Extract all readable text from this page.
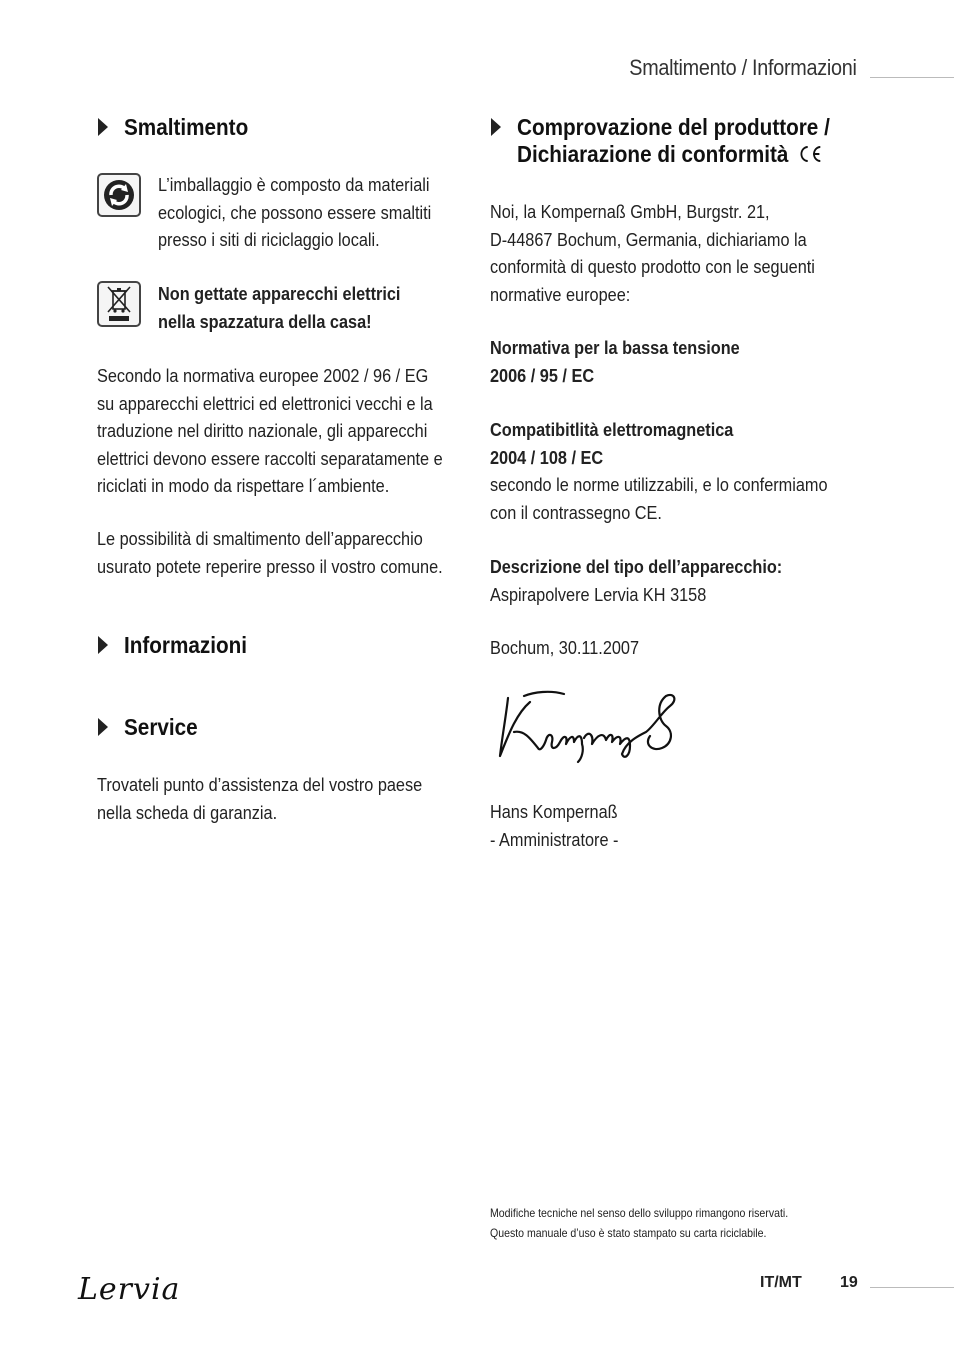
Smaltimento / Informazioni
Smaltimento

L’imballaggio è composto da materiali

ecologici, che possono essere smaltiti

presso i siti di riciclaggio locali.

Non gettate apparecchi elettrici

nella spazzatura della casa!

Secondo la normativa europee 2002 / 96 / EG

su apparecchi elettrici ed elettronici vecchi e la

traduzione nel diritto nazionale, gli apparecchi

elettrici devono essere raccolti separatamente e

riciclati in modo da rispettare l´ambiente.

Le possibilità di smaltimento dell’apparecchio

usurato potete reperire presso il vostro comune.

Informazioni
Service

Trovateli punto d’assistenza del vostro paese

nella scheda di garanzia.

Comprovazione del produttore /
Dichiarazione di conformità

Noi, la Kompernaß GmbH, Burgstr. 21,

D-44867 Bochum, Germania, dichiariamo la

conformità di questo prodotto con le seguenti

normative europee:

Normativa per la bassa tensione

2006 / 95 / EC

Compatibitlità elettromagnetica

2004 / 108 / EC

secondo le norme utilizzabili, e lo confermiamo

con il contrassegno CE.

Descrizione del tipo dell’apparecchio:

Aspirapolvere Lervia KH 3158

Bochum, 30.11.2007

Hans Kompernaß

- Amministratore -

Modifiche tecniche nel senso dello sviluppo rimangono riservati.
Questo manuale d’uso è stato stampato su carta riciclabile.
Lervia	IT/MT 19
